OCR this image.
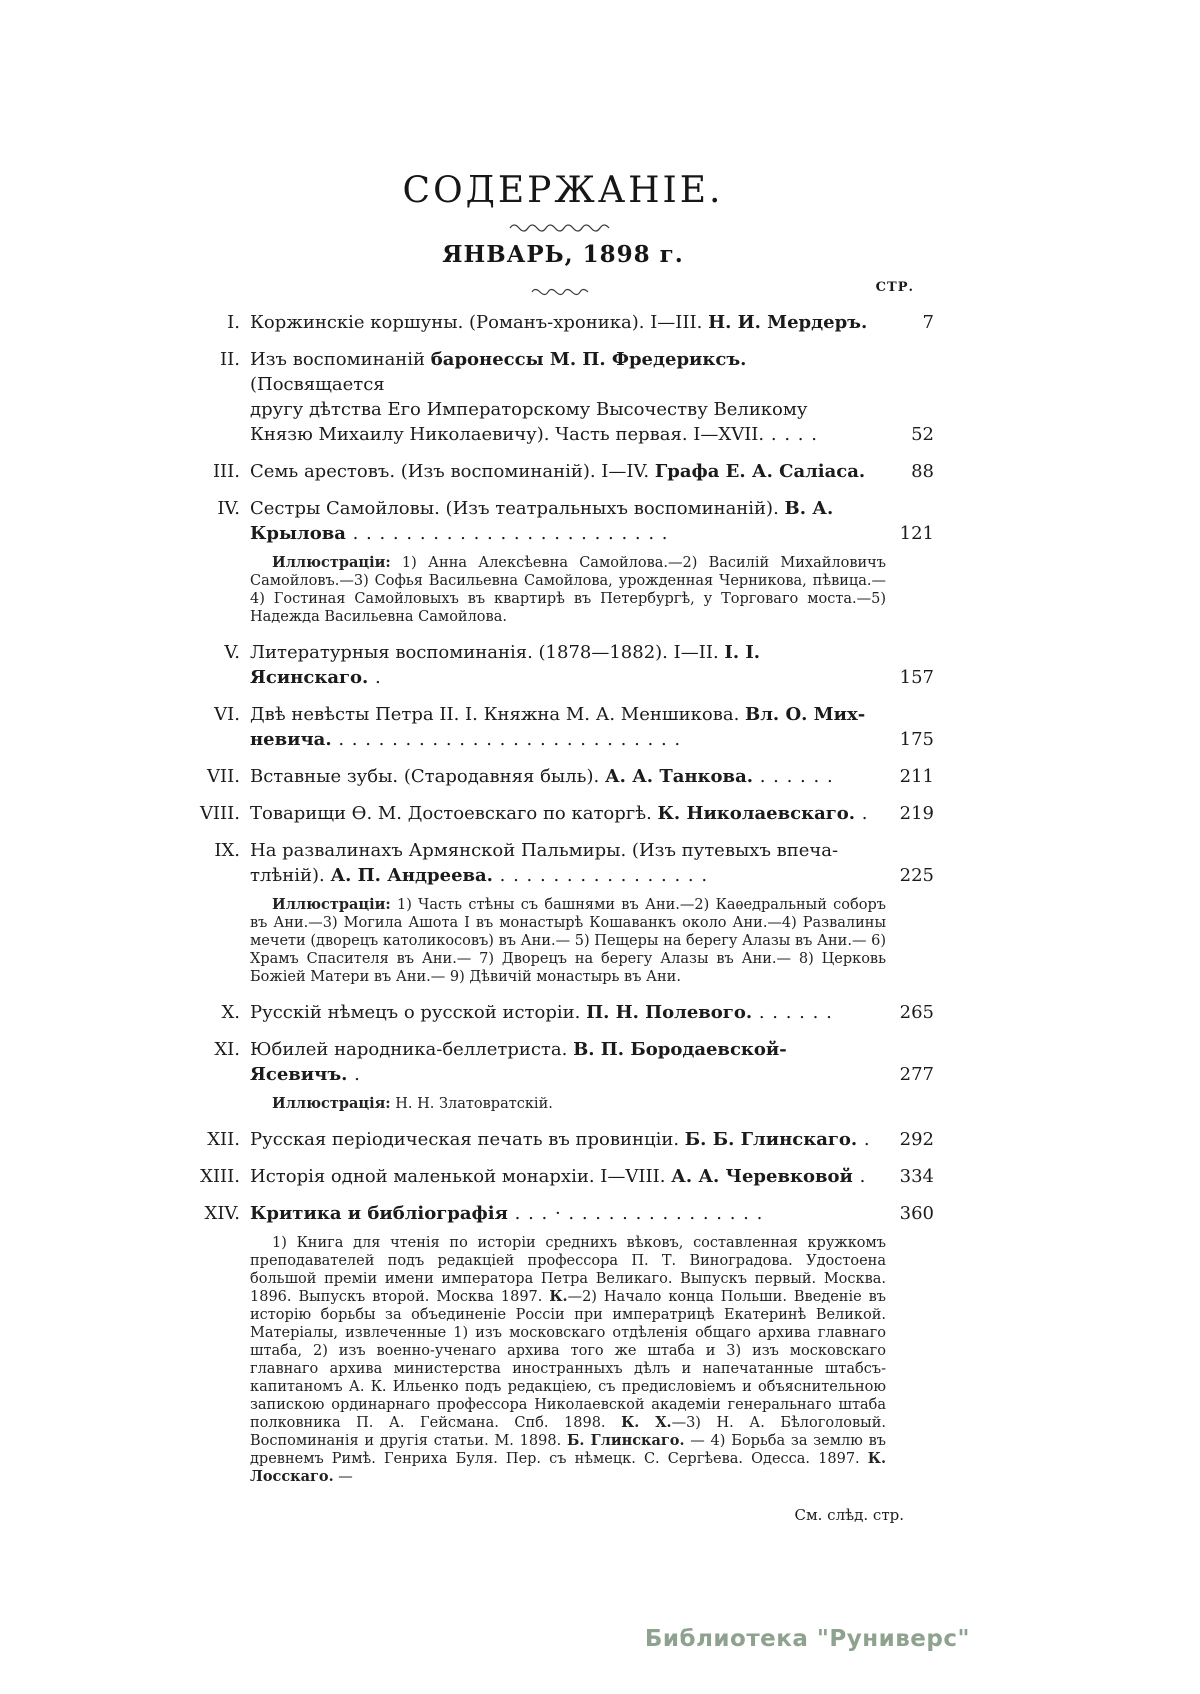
СОДЕРЖАНІЕ.
ЯНВАРЬ, 1898 г.
СТР.
I. Коржинскіе коршуны. (Романъ-хроника). I—III. Н. И. Мердеръ.	7
II. Изъ воспоминаній баронессы М. П. Фредериксъ. (Посвящается
другу дѣтства Его Императорскому Высочеству Великому
Князю Михаилу Николаевичу). Часть первая. I—XVII. . . . .	52
III. Семь арестовъ. (Изъ воспоминаній). I—IV. Графа Е. А. Саліаса.	88
IV. Сестры Самойловы. (Изъ театральныхъ воспоминаній). В. А.
Крылова . . . . . . . . . . . . . . . . . . . . . . . .	121
Иллюстраціи: 1) Анна Алексѣевна Самойлова.—2) Василій Михайловичъ Самойловъ.—3) Софья Васильевна Самойлова, урожденная Черникова, пѣвица.— 4) Гостиная Самойловыхъ въ квартирѣ въ Петербургѣ, у Торговаго моста.—5) Надежда Васильевна Самойлова.
V. Литературныя воспоминанія. (1878—1882). I—II. І. І. Ясинскаго. .	157
VI. Двѣ невѣсты Петра II. I. Княжна М. А. Меншикова. Вл. О. Мих-
невича. . . . . . . . . . . . . . . . . . . . . . . . . . .	175
VII. Вставные зубы. (Стародавняя быль). А. А. Танкова. . . . . . .	211
VIII. Товарищи Ѳ. М. Достоевскаго по каторгѣ. К. Николаевскаго. .	219
IX. На развалинахъ Армянской Пальмиры. (Изъ путевыхъ впеча-
тлѣній). А. П. Андреева. . . . . . . . . . . . . . . . .	225
Иллюстраціи: 1) Часть стѣны съ башнями въ Ани.—2) Каѳедральный соборъ въ Ани.—3) Могила Ашота I въ монастырѣ Кошаванкъ около Ани.—4) Развалины мечети (дворецъ католикосовъ) въ Ани.— 5) Пещеры на берегу Алазы въ Ани.— 6) Храмъ Спасителя въ Ани.— 7) Дворецъ на берегу Алазы въ Ани.— 8) Церковь Божіей Матери въ Ани.— 9) Дѣвичій монастырь въ Ани.
X. Русскій нѣмецъ о русской исторіи. П. Н. Полевого. . . . . . .	265
XI. Юбилей народника-беллетриста. В. П. Бородаевской-Ясевичъ. .	277
Иллюстрація: Н. Н. Златовратскій.
XII. Русская періодическая печать въ провинціи. Б. Б. Глинскаго. .	292
XIII. Исторія одной маленькой монархіи. I—VIII. А. А. Черевковой .	334
XIV. Критика и библіографія . . . · . . . . . . . . . . . . . . .	360
1) Книга для чтенія по исторіи среднихъ вѣковъ, составленная кружкомъ преподавателей подъ редакціей профессора П. Т. Виноградова. Удостоена большой преміи имени императора Петра Великаго. Выпускъ первый. Москва. 1896. Выпускъ второй. Москва 1897. К.—2) Начало конца Польши. Введеніе въ исторію борьбы за объединеніе Россіи при императрицѣ Екатеринѣ Великой. Матеріалы, извлеченные 1) изъ московскаго отдѣленія общаго архива главнаго штаба, 2) изъ военно-ученаго архива того же штаба и 3) изъ московскаго главнаго архива министерства иностранныхъ дѣлъ и напечатанные штабсъ-капитаномъ А. К. Ильенко подъ редакціею, съ предисловіемъ и объяснительною запискою ординарнаго профессора Николаевской академіи генеральнаго штаба полковника П. А. Гейсмана. Спб. 1898. К. Х.—3) Н. А. Бѣлоголовый. Воспоминанія и другія статьи. М. 1898. Б. Глинскаго. — 4) Борьба за землю въ древнемъ Римѣ. Генриха Буля. Пер. съ нѣмецк. С. Сергѣева. Одесса. 1897. К. Лосскаго. —
См. слѣд. стр.
Библиотека "Руниверс"
